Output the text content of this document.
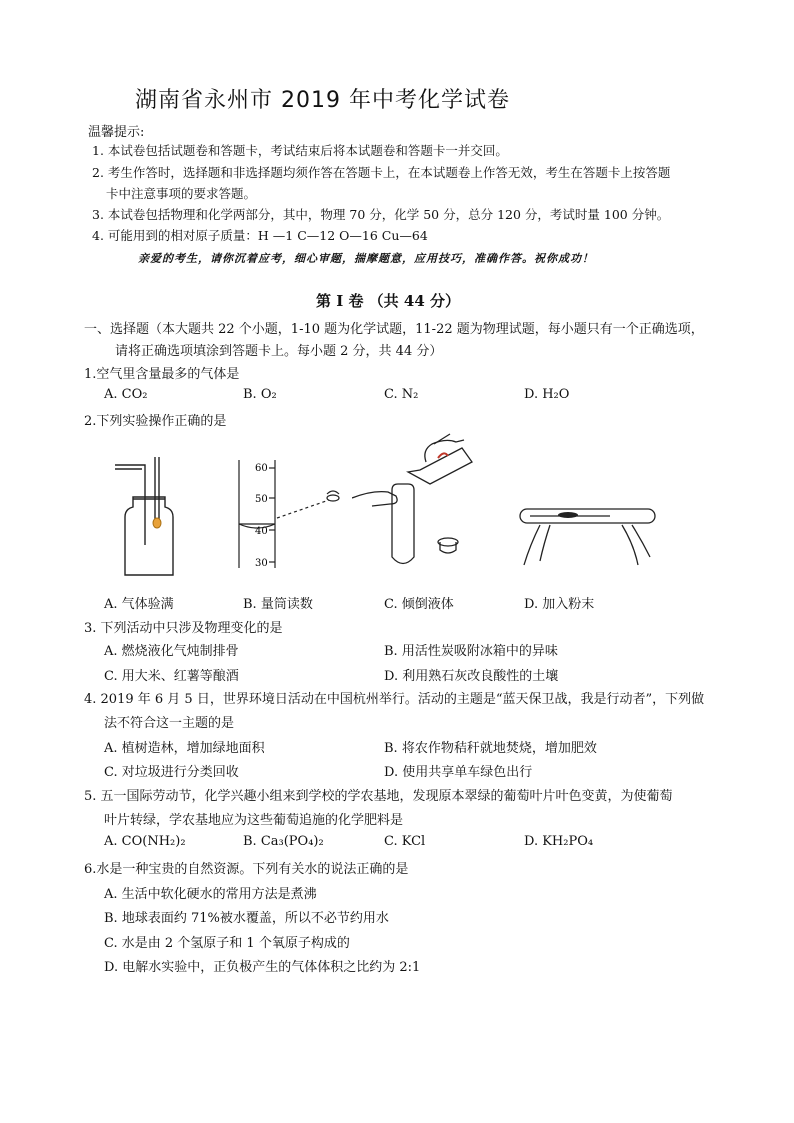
湖南省永州市 2019 年中考化学试卷
温馨提示:
1. 本试卷包括试题卷和答题卡，考试结束后将本试题卷和答题卡一并交回。
2. 考生作答时，选择题和非选择题均须作答在答题卡上，在本试题卷上作答无效，考生在答题卡上按答题
卡中注意事项的要求答题。
3. 本试卷包括物理和化学两部分，其中，物理 70 分，化学 50 分，总分 120 分，考试时量 100 分钟。
4. 可能用到的相对原子质量：H —1 C—12 O—16 Cu—64
亲爱的考生，请你沉着应考，细心审题，揣摩题意，应用技巧，准确作答。祝你成功！
第 I 卷 （共 44 分）
一、选择题（本大题共 22 个小题，1-10 题为化学试题，11-22 题为物理试题，每小题只有一个正确选项，
请将正确选项填涂到答题卡上。每小题 2 分，共 44 分）
1.空气里含量最多的气体是
A. CO₂	B. O₂	C. N₂	D. H₂O
2.下列实验操作正确的是
60
50
40
30
A. 气体验满	B. 量筒读数	C. 倾倒液体	D. 加入粉末
3. 下列活动中只涉及物理变化的是
A. 燃烧液化气炖制排骨	B. 用活性炭吸附冰箱中的异味
C. 用大米、红薯等酿酒	D. 利用熟石灰改良酸性的土壤
4. 2019 年 6 月 5 日，世界环境日活动在中国杭州举行。活动的主题是“蓝天保卫战，我是行动者”，下列做
法不符合这一主题的是
A. 植树造林，增加绿地面积	B. 将农作物秸秆就地焚烧，增加肥效
C. 对垃圾进行分类回收	D. 使用共享单车绿色出行
5. 五一国际劳动节，化学兴趣小组来到学校的学农基地，发现原本翠绿的葡萄叶片叶色变黄，为使葡萄
叶片转绿，学农基地应为这些葡萄追施的化学肥料是
A. CO(NH₂)₂	B. Ca₃(PO₄)₂	C. KCl	D. KH₂PO₄
6.水是一种宝贵的自然资源。下列有关水的说法正确的是
A. 生活中软化硬水的常用方法是煮沸
B. 地球表面约 71%被水覆盖，所以不必节约用水
C. 水是由 2 个氢原子和 1 个氧原子构成的
D. 电解水实验中，正负极产生的气体体积之比约为 2:1
